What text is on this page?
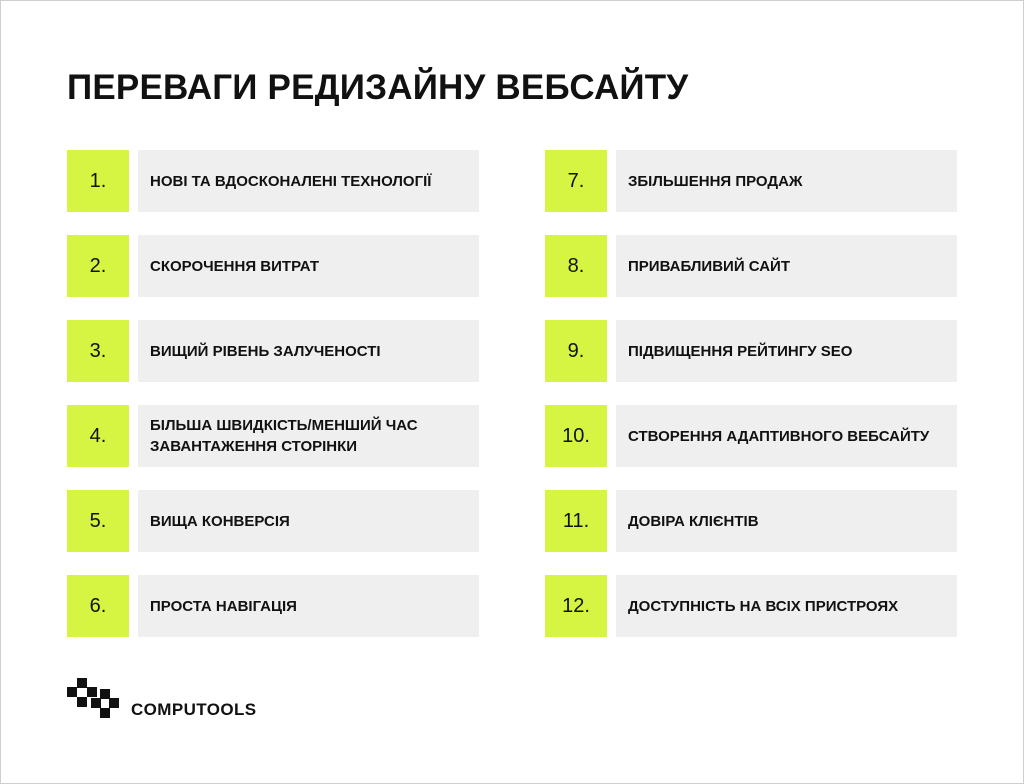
ПЕРЕВАГИ РЕДИЗАЙНУ ВЕБСАЙТУ
1.	НОВІ ТА ВДОСКОНАЛЕНІ ТЕХНОЛОГІЇ
2.	СКОРОЧЕННЯ ВИТРАТ
3.	ВИЩИЙ РІВЕНЬ ЗАЛУЧЕНОСТІ
4.	БІЛЬША ШВИДКІСТЬ/МЕНШИЙ ЧАС
ЗАВАНТАЖЕННЯ СТОРІНКИ
5.	ВИЩА КОНВЕРСІЯ
6.	ПРОСТА НАВІГАЦІЯ
7.	ЗБІЛЬШЕННЯ ПРОДАЖ
8.	ПРИВАБЛИВИЙ САЙТ
9.	ПІДВИЩЕННЯ РЕЙТИНГУ SEO
10.	СТВОРЕННЯ АДАПТИВНОГО ВЕБСАЙТУ
11.	ДОВІРА КЛІЄНТІВ
12.	ДОСТУПНІСТЬ НА ВСІХ ПРИСТРОЯХ
COMPUTOOLS
